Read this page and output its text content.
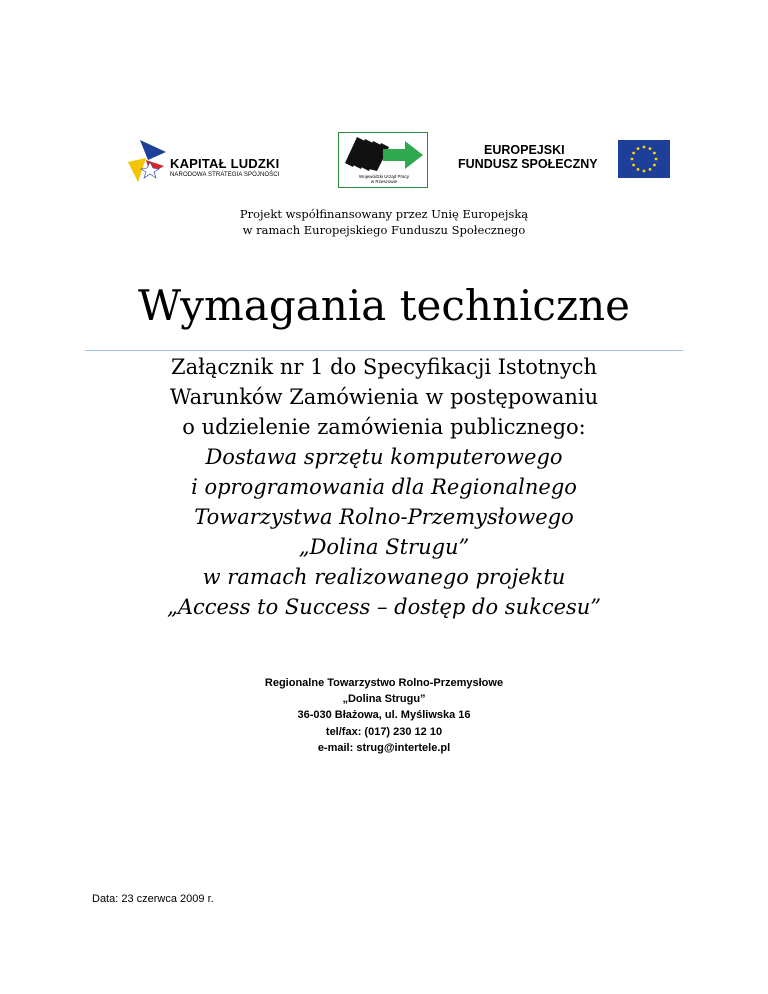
KAPITAŁ LUDZKI
NARODOWA STRATEGIA SPÓJNOŚCI	Wojewódzki Urząd Pracy
w Rzeszowie
EUROPEJSKI
FUNDUSZ SPOŁECZNY
Projekt współfinansowany przez Unię Europejską
w ramach Europejskiego Funduszu Społecznego
Wymagania techniczne
Załącznik nr 1 do Specyfikacji Istotnych
Warunków Zamówienia w postępowaniu
o udzielenie zamówienia publicznego:
Dostawa sprzętu komputerowego
i oprogramowania dla Regionalnego
Towarzystwa Rolno-Przemysłowego
„Dolina Strugu”
w ramach realizowanego projektu
„Access to Success – dostęp do sukcesu”
Regionalne Towarzystwo Rolno-Przemysłowe
„Dolina Strugu”
36-030 Błażowa, ul. Myśliwska 16
tel/fax: (017) 230 12 10
e-mail: strug@intertele.pl
Data: 23 czerwca 2009 r.
